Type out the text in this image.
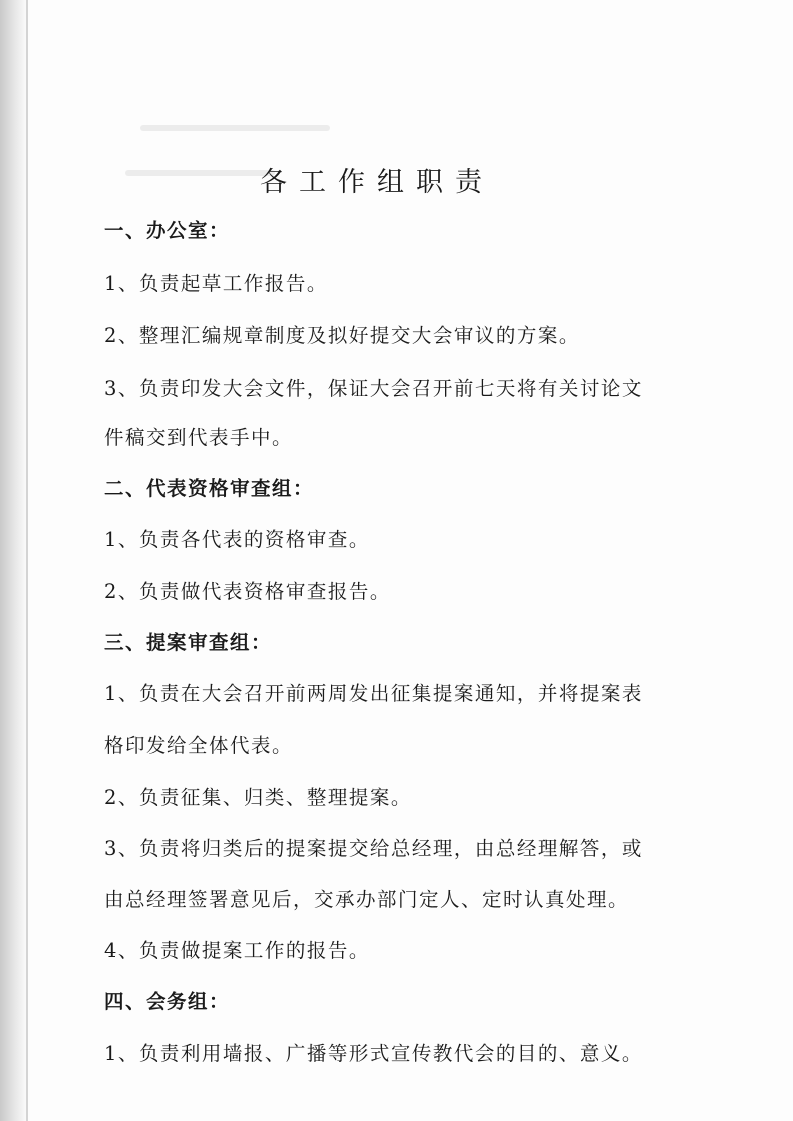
各工作组职责
一、办公室：
1、负责起草工作报告。
2、整理汇编规章制度及拟好提交大会审议的方案。
3、负责印发大会文件，保证大会召开前七天将有关讨论文
件稿交到代表手中。
二、代表资格审查组：
1、负责各代表的资格审查。
2、负责做代表资格审查报告。
三、提案审查组：
1、负责在大会召开前两周发出征集提案通知，并将提案表
格印发给全体代表。
2、负责征集、归类、整理提案。
3、负责将归类后的提案提交给总经理，由总经理解答，或
由总经理签署意见后，交承办部门定人、定时认真处理。
4、负责做提案工作的报告。
四、会务组：
1、负责利用墙报、广播等形式宣传教代会的目的、意义。
